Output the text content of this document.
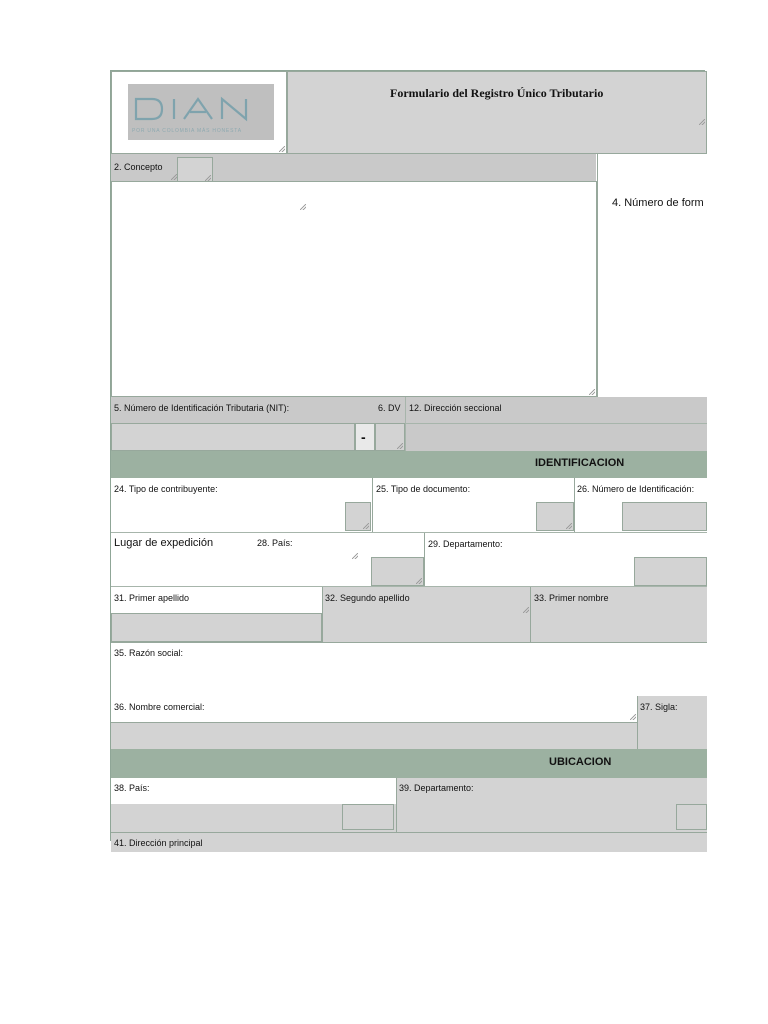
POR UNA COLOMBIA MÁS HONESTA
Formulario del Registro Único Tributario
2. Concepto
4. Número de form
5. Número de Identificación Tributaria (NIT):	6. DV
-
12. Dirección seccional
IDENTIFICACION
24. Tipo de contribuyente:	25. Tipo de documento:	26. Número de Identificación:
Lugar de expedición	28. País:	29. Departamento:
31. Primer apellido	32. Segundo apellido	33. Primer nombre
35. Razón social:
36. Nombre comercial:	37. Sigla:
UBICACION
38. País:	39. Departamento:
41. Dirección principal
